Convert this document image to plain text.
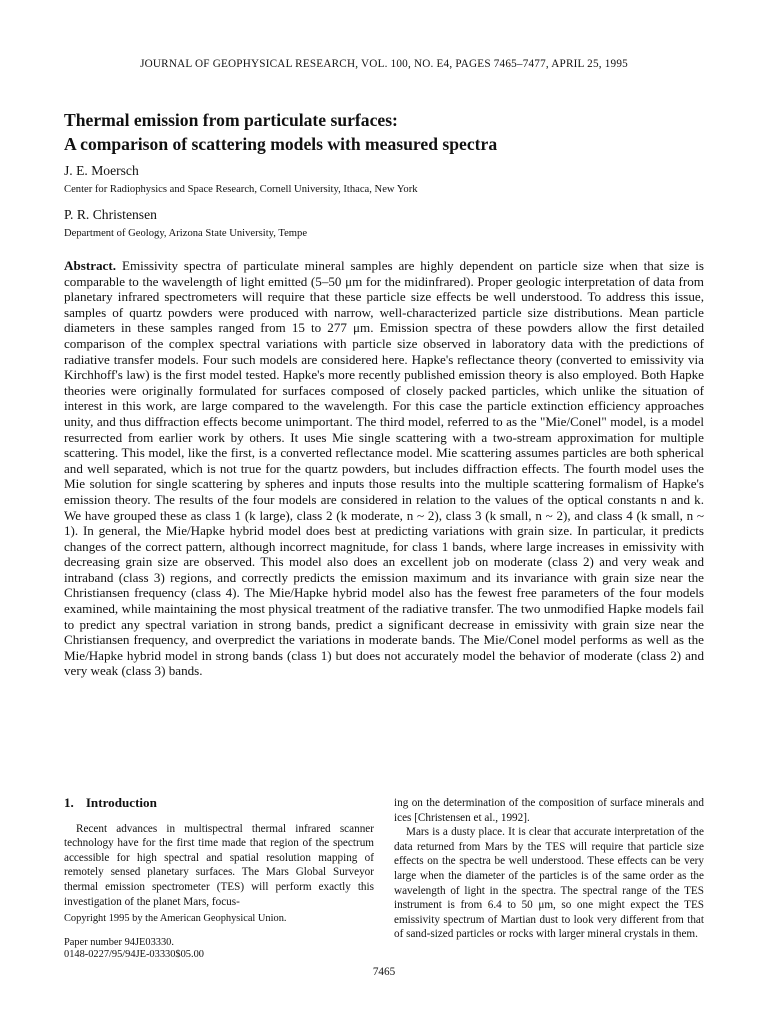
JOURNAL OF GEOPHYSICAL RESEARCH, VOL. 100, NO. E4, PAGES 7465–7477, APRIL 25, 1995
Thermal emission from particulate surfaces:
A comparison of scattering models with measured spectra
J. E. Moersch
Center for Radiophysics and Space Research, Cornell University, Ithaca, New York
P. R. Christensen
Department of Geology, Arizona State University, Tempe
Abstract. Emissivity spectra of particulate mineral samples are highly dependent on particle size when that size is comparable to the wavelength of light emitted (5–50 μm for the midinfrared). Proper geologic interpretation of data from planetary infrared spectrometers will require that these particle size effects be well understood. To address this issue, samples of quartz powders were produced with narrow, well-characterized particle size distributions. Mean particle diameters in these samples ranged from 15 to 277 μm. Emission spectra of these powders allow the first detailed comparison of the complex spectral variations with particle size observed in laboratory data with the predictions of radiative transfer models. Four such models are considered here. Hapke's reflectance theory (converted to emissivity via Kirchhoff's law) is the first model tested. Hapke's more recently published emission theory is also employed. Both Hapke theories were originally formulated for surfaces composed of closely packed particles, which unlike the situation of interest in this work, are large compared to the wavelength. For this case the particle extinction efficiency approaches unity, and thus diffraction effects become unimportant. The third model, referred to as the "Mie/Conel" model, is a model resurrected from earlier work by others. It uses Mie single scattering with a two-stream approximation for multiple scattering. This model, like the first, is a converted reflectance model. Mie scattering assumes particles are both spherical and well separated, which is not true for the quartz powders, but includes diffraction effects. The fourth model uses the Mie solution for single scattering by spheres and inputs those results into the multiple scattering formalism of Hapke's emission theory. The results of the four models are considered in relation to the values of the optical constants n and k. We have grouped these as class 1 (k large), class 2 (k moderate, n ~ 2), class 3 (k small, n ~ 2), and class 4 (k small, n ~ 1). In general, the Mie/Hapke hybrid model does best at predicting variations with grain size. In particular, it predicts changes of the correct pattern, although incorrect magnitude, for class 1 bands, where large increases in emissivity with decreasing grain size are observed. This model also does an excellent job on moderate (class 2) and very weak and intraband (class 3) regions, and correctly predicts the emission maximum and its invariance with grain size near the Christiansen frequency (class 4). The Mie/Hapke hybrid model also has the fewest free parameters of the four models examined, while maintaining the most physical treatment of the radiative transfer. The two unmodified Hapke models fail to predict any spectral variation in strong bands, predict a significant decrease in emissivity with grain size near the Christiansen frequency, and overpredict the variations in moderate bands. The Mie/Conel model performs as well as the Mie/Hapke hybrid model in strong bands (class 1) but does not accurately model the behavior of moderate (class 2) and very weak (class 3) bands.
1. Introduction

Recent advances in multispectral thermal infrared scanner technology have for the first time made that region of the spectrum accessible for high spectral and spatial resolution mapping of remotely sensed planetary surfaces. The Mars Global Surveyor thermal emission spectrometer (TES) will perform exactly this investigation of the planet Mars, focus-

Copyright 1995 by the American Geophysical Union.

Paper number 94JE03330.
0148-0227/95/94JE-03330$05.00

ing on the determination of the composition of surface minerals and ices [Christensen et al., 1992].

Mars is a dusty place. It is clear that accurate interpretation of the data returned from Mars by the TES will require that particle size effects on the spectra be well understood. These effects can be very large when the diameter of the particles is of the same order as the wavelength of light in the spectra. The spectral range of the TES instrument is from 6.4 to 50 μm, so one might expect the TES emissivity spectrum of Martian dust to look very different from that of sand-sized particles or rocks with larger mineral crystals in them.

7465
